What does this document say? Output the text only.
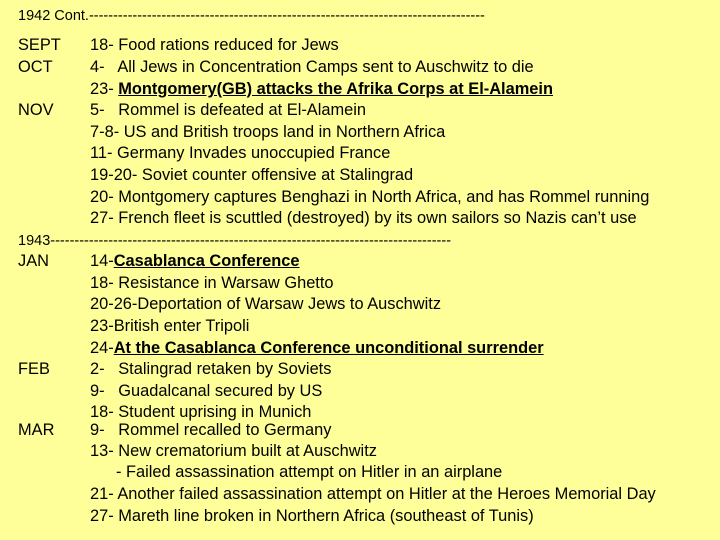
1942 Cont.----------------------------------------------------------------------------------
1943-----------------------------------------------------------------------------------
SEPT 18- Food rations reduced for Jews
OCT 4-   All Jews in Concentration Camps sent to Auschwitz to die
23- Montgomery(GB) attacks the Afrika Corps at El-Alamein
NOV 5-   Rommel is defeated at El-Alamein
7-8- US and British troops land in Northern Africa
11- Germany Invades unoccupied France
19-20- Soviet counter offensive at Stalingrad
20- Montgomery captures Benghazi in North Africa, and has Rommel running
27- French fleet is scuttled (destroyed) by its own sailors so Nazis can’t use
JAN	14-Casablanca Conference
18- Resistance in Warsaw Ghetto
20-26-Deportation of Warsaw Jews to Auschwitz
23-British enter Tripoli
24-At the Casablanca Conference unconditional surrender
FEB 2-   Stalingrad retaken by Soviets
9-   Guadalcanal secured by US
18- Student uprising in Munich
MAR 9-   Rommel recalled to Germany
13- New crematorium built at Auschwitz
- Failed assassination attempt on Hitler in an airplane
21- Another failed assassination attempt on Hitler at the Heroes Memorial Day
27- Mareth line broken in Northern Africa (southeast of Tunis)
